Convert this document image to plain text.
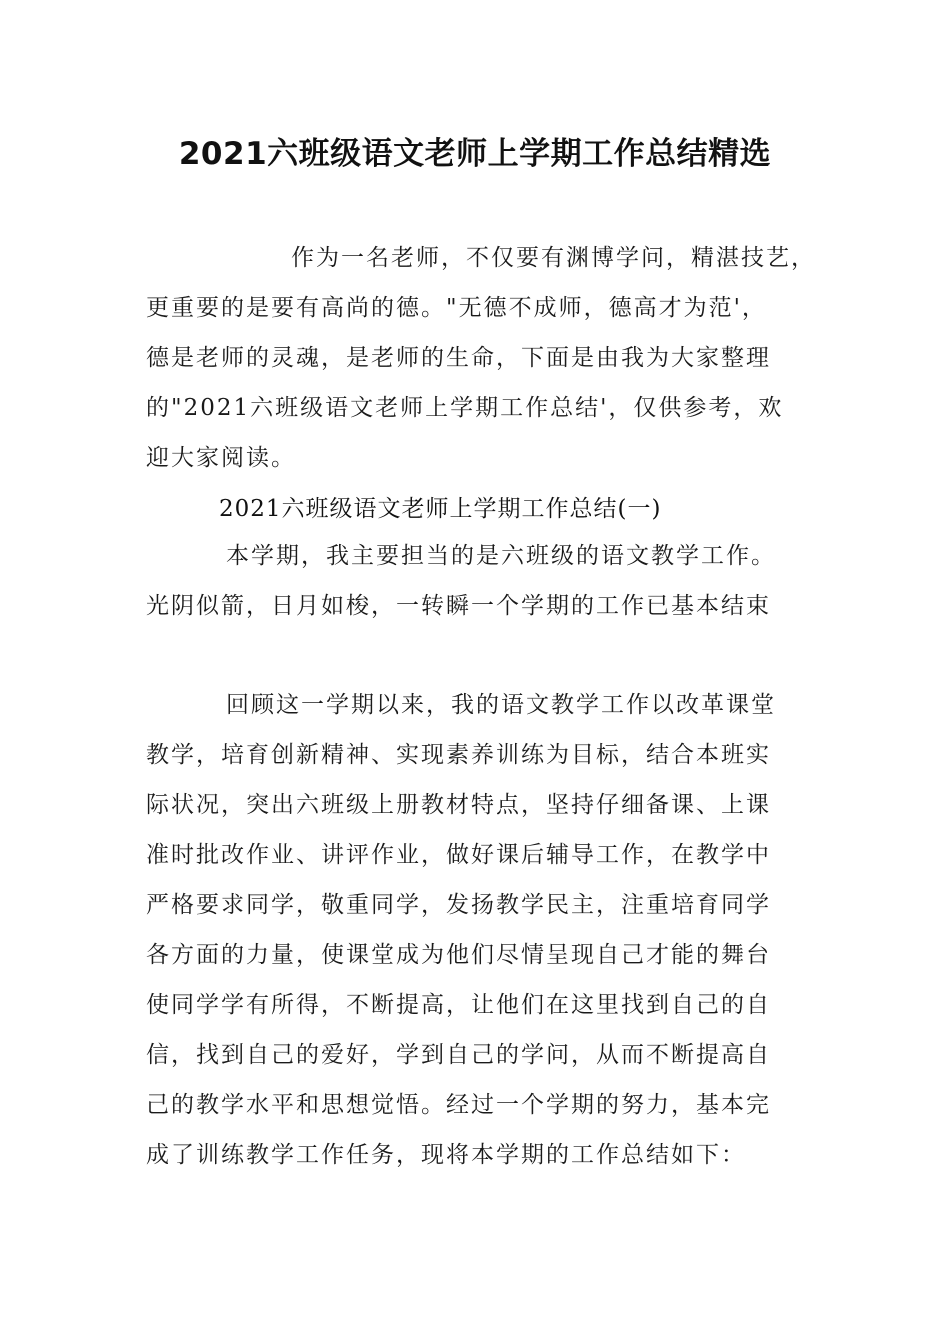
2021六班级语文老师上学期工作总结精选
作为一名老师，不仅要有渊博学问，精湛技艺，
更重要的是要有高尚的德。"无德不成师，德高才为范'，
德是老师的灵魂，是老师的生命，下面是由我为大家整理
的"2021六班级语文老师上学期工作总结'，仅供参考，欢
迎大家阅读。
2021六班级语文老师上学期工作总结(一)
本学期，我主要担当的是六班级的语文教学工作。
光阴似箭，日月如梭，一转瞬一个学期的工作已基本结束
回顾这一学期以来，我的语文教学工作以改革课堂
教学，培育创新精神、实现素养训练为目标，结合本班实
际状况，突出六班级上册教材特点，坚持仔细备课、上课
准时批改作业、讲评作业，做好课后辅导工作，在教学中
严格要求同学，敬重同学，发扬教学民主，注重培育同学
各方面的力量，使课堂成为他们尽情呈现自己才能的舞台
使同学学有所得，不断提高，让他们在这里找到自己的自
信，找到自己的爱好，学到自己的学问，从而不断提高自
己的教学水平和思想觉悟。经过一个学期的努力，基本完
成了训练教学工作任务，现将本学期的工作总结如下：
